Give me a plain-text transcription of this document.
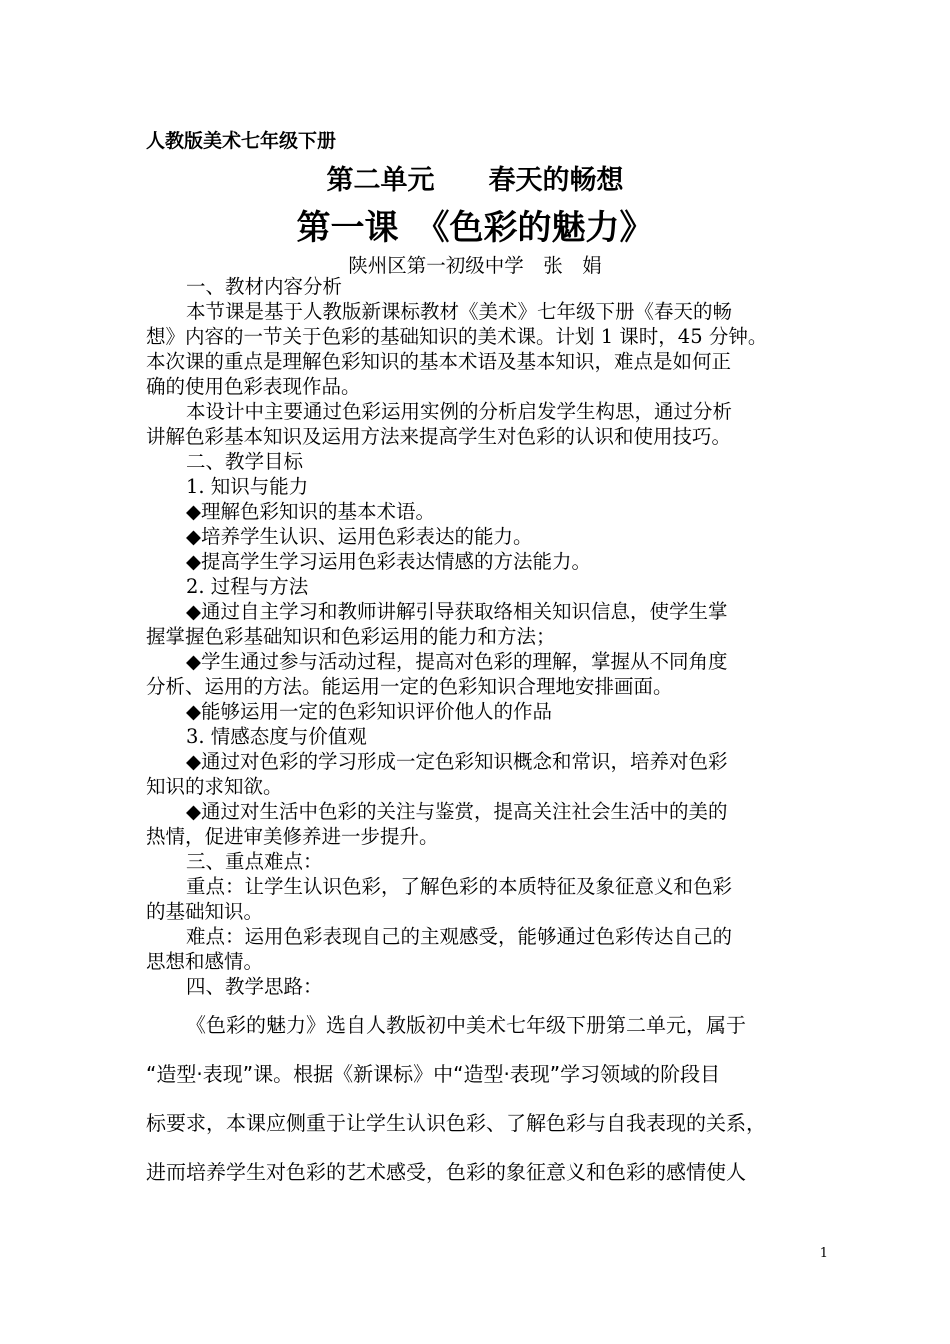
人教版美术七年级下册
第二单元　　春天的畅想
第一课　《色彩的魅力》
陕州区第一初级中学　张　娟
一、教材内容分析
本节课是基于人教版新课标教材《美术》七年级下册《春天的畅
想》内容的一节关于色彩的基础知识的美术课。计划 1 课时，45 分钟。
本次课的重点是理解色彩知识的基本术语及基本知识，难点是如何正
确的使用色彩表现作品。
本设计中主要通过色彩运用实例的分析启发学生构思，通过分析
讲解色彩基本知识及运用方法来提高学生对色彩的认识和使用技巧。
二、教学目标
1. 知识与能力
◆理解色彩知识的基本术语。
◆培养学生认识、运用色彩表达的能力。
◆提高学生学习运用色彩表达情感的方法能力。
2. 过程与方法
◆通过自主学习和教师讲解引导获取络相关知识信息，使学生掌
握掌握色彩基础知识和色彩运用的能力和方法；
◆学生通过参与活动过程，提高对色彩的理解，掌握从不同角度
分析、运用的方法。能运用一定的色彩知识合理地安排画面。
◆能够运用一定的色彩知识评价他人的作品
3. 情感态度与价值观
◆通过对色彩的学习形成一定色彩知识概念和常识，培养对色彩
知识的求知欲。
◆通过对生活中色彩的关注与鉴赏，提高关注社会生活中的美的
热情，促进审美修养进一步提升。
三、重点难点：
重点：让学生认识色彩，了解色彩的本质特征及象征意义和色彩
的基础知识。
难点：运用色彩表现自己的主观感受，能够通过色彩传达自己的
思想和感情。
四、教学思路：
《色彩的魅力》选自人教版初中美术七年级下册第二单元，属于
“造型·表现”课。根据《新课标》中“造型·表现”学习领域的阶段目
标要求，本课应侧重于让学生认识色彩、了解色彩与自我表现的关系，
进而培养学生对色彩的艺术感受，色彩的象征意义和色彩的感情使人
1
